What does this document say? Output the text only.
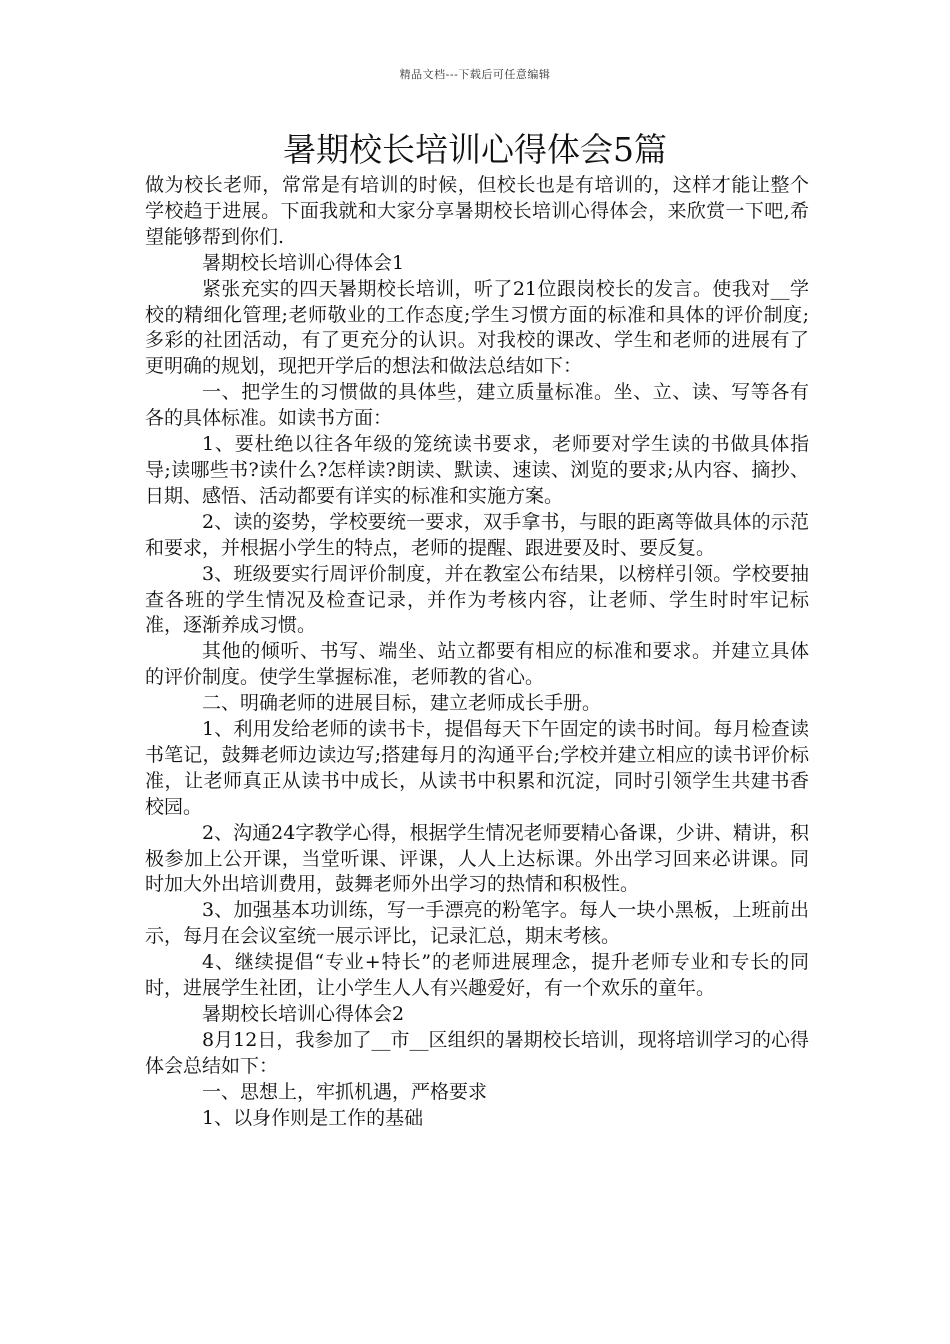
精品文档---下载后可任意编辑
暑期校长培训心得体会5篇

做为校长老师，常常是有培训的时候，但校长也是有培训的，这样才能让整个学校趋于进展。下面我就和大家分享暑期校长培训心得体会，来欣赏一下吧,希望能够帮到你们.

暑期校长培训心得体会1

紧张充实的四天暑期校长培训，听了21位跟岗校长的发言。使我对__学校的精细化管理;老师敬业的工作态度;学生习惯方面的标准和具体的评价制度;多彩的社团活动，有了更充分的认识。对我校的课改、学生和老师的进展有了更明确的规划，现把开学后的想法和做法总结如下：

一、把学生的习惯做的具体些，建立质量标准。坐、立、读、写等各有各的具体标准。如读书方面：

1、要杜绝以往各年级的笼统读书要求，老师要对学生读的书做具体指导;读哪些书?读什么?怎样读?朗读、默读、速读、浏览的要求;从内容、摘抄、日期、感悟、活动都要有详实的标准和实施方案。

2、读的姿势，学校要统一要求，双手拿书，与眼的距离等做具体的示范和要求，并根据小学生的特点，老师的提醒、跟进要及时、要反复。

3、班级要实行周评价制度，并在教室公布结果，以榜样引领。学校要抽查各班的学生情况及检查记录，并作为考核内容，让老师、学生时时牢记标准，逐渐养成习惯。

其他的倾听、书写、端坐、站立都要有相应的标准和要求。并建立具体的评价制度。使学生掌握标准，老师教的省心。

二、明确老师的进展目标，建立老师成长手册。

1、利用发给老师的读书卡，提倡每天下午固定的读书时间。每月检查读书笔记，鼓舞老师边读边写;搭建每月的沟通平台;学校并建立相应的读书评价标准，让老师真正从读书中成长，从读书中积累和沉淀，同时引领学生共建书香校园。

2、沟通24字教学心得，根据学生情况老师要精心备课，少讲、精讲，积极参加上公开课，当堂听课、评课，人人上达标课。外出学习回来必讲课。同时加大外出培训费用，鼓舞老师外出学习的热情和积极性。

3、加强基本功训练，写一手漂亮的粉笔字。每人一块小黑板，上班前出示，每月在会议室统一展示评比，记录汇总，期末考核。

4、继续提倡“专业+特长”的老师进展理念，提升老师专业和专长的同时，进展学生社团，让小学生人人有兴趣爱好，有一个欢乐的童年。

暑期校长培训心得体会2

8月12日，我参加了__市__区组织的暑期校长培训，现将培训学习的心得体会总结如下：

一、思想上，牢抓机遇，严格要求

1、以身作则是工作的基础
